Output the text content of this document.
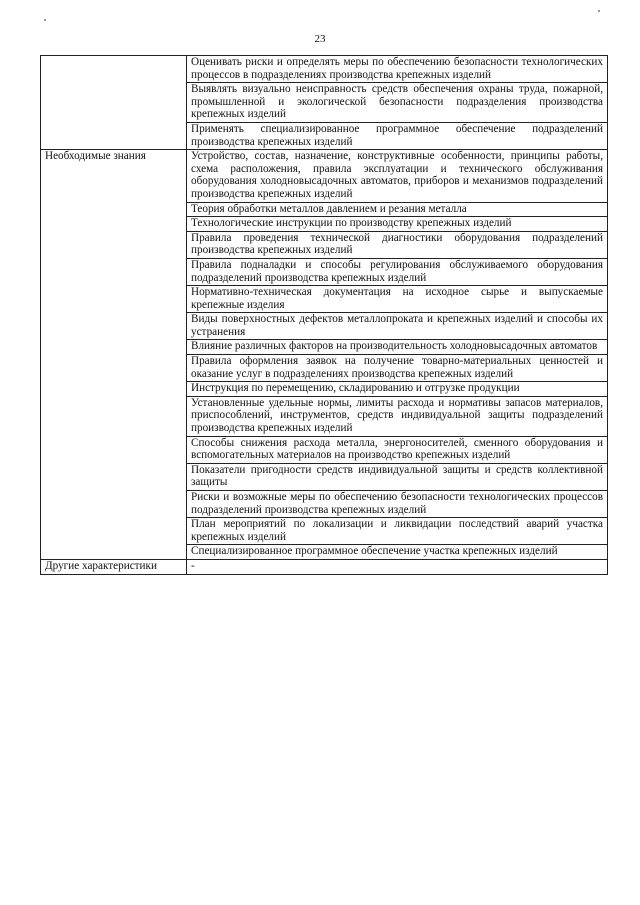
23
	Оценивать риски и определять меры по обеспечению безопасности технологических процессов в подразделениях производства крепежных изделий
	Выявлять визуально неисправность средств обеспечения охраны труда, пожарной, промышленной и экологической безопасности подразделения производства крепежных изделий
	Применять специализированное программное обеспечение подразделений производства крепежных изделий
Необходимые знания	Устройство, состав, назначение, конструктивные особенности, принципы работы, схема расположения, правила эксплуатации и технического обслуживания оборудования холодновысадочных автоматов, приборов и механизмов подразделений производства крепежных изделий
	Теория обработки металлов давлением и резания металла
	Технологические инструкции по производству крепежных изделий
	Правила проведения технической диагностики оборудования подразделений производства крепежных изделий
	Правила подналадки и способы регулирования обслуживаемого оборудования подразделений производства крепежных изделий
	Нормативно-техническая документация на исходное сырье и выпускаемые крепежные изделия
	Виды поверхностных дефектов металлопроката и крепежных изделий и способы их устранения
	Влияние различных факторов на производительность холодновысадочных автоматов
	Правила оформления заявок на получение товарно-материальных ценностей и оказание услуг в подразделениях производства крепежных изделий
	Инструкция по перемещению, складированию и отгрузке продукции
	Установленные удельные нормы, лимиты расхода и нормативы запасов материалов, приспособлений, инструментов, средств индивидуальной защиты подразделений производства крепежных изделий
	Способы снижения расхода металла, энергоносителей, сменного оборудования и вспомогательных материалов на производство крепежных изделий
	Показатели пригодности средств индивидуальной защиты и средств коллективной защиты
	Риски и возможные меры по обеспечению безопасности технологических процессов подразделений производства крепежных изделий
	План мероприятий по локализации и ликвидации последствий аварий участка крепежных изделий
	Специализированное программное обеспечение участка крепежных изделий
Другие характеристики	-
